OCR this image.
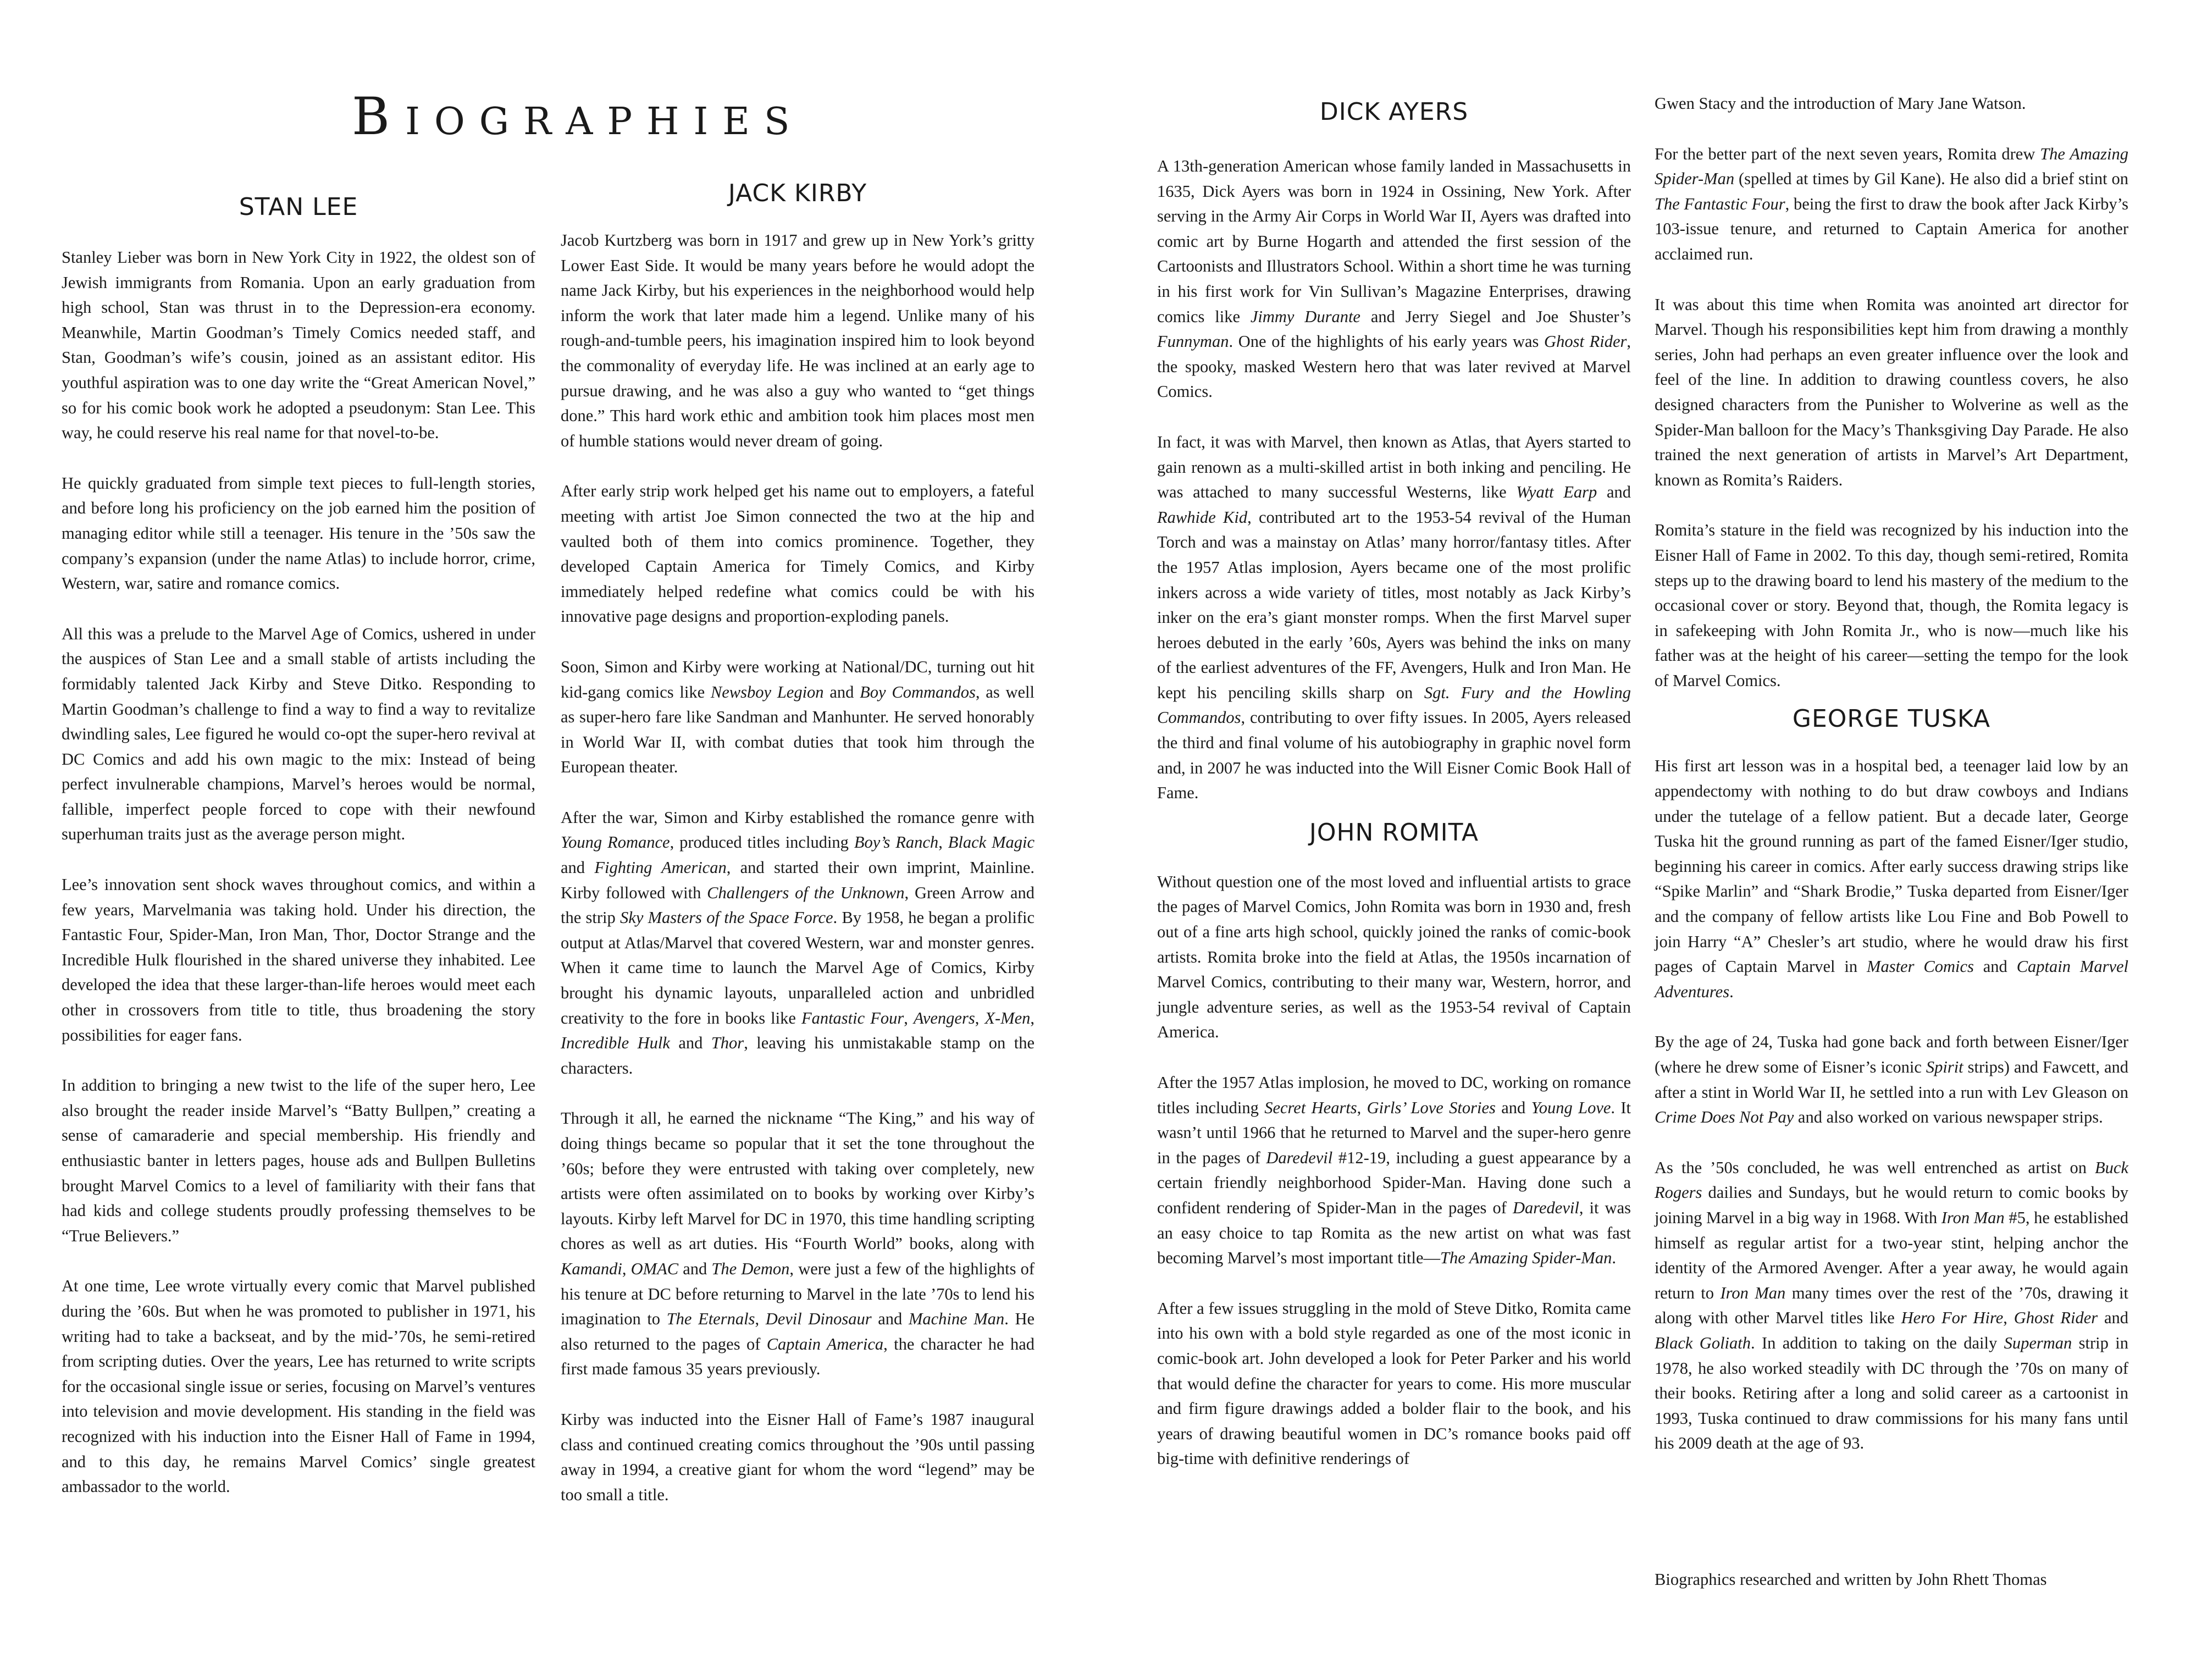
BIOGRAPHIES
STAN LEE

Stanley Lieber was born in New York City in 1922, the oldest son of Jewish immigrants from Romania. Upon an early graduation from high school, Stan was thrust in to the Depression-era economy. Meanwhile, Martin Goodman’s Timely Comics needed staff, and Stan, Goodman’s wife’s cousin, joined as an assistant editor. His youthful aspiration was to one day write the “Great American Novel,” so for his comic book work he adopted a pseudonym: Stan Lee. This way, he could reserve his real name for that novel-to-be.

He quickly graduated from simple text pieces to full-length stories, and before long his proficiency on the job earned him the position of managing editor while still a teenager. His tenure in the ’50s saw the company’s expansion (under the name Atlas) to include horror, crime, Western, war, satire and romance comics.

All this was a prelude to the Marvel Age of Comics, ushered in under the auspices of Stan Lee and a small stable of artists including the formidably talented Jack Kirby and Steve Ditko. Responding to Martin Goodman’s challenge to find a way to find a way to revitalize dwindling sales, Lee figured he would co-opt the super-hero revival at DC Comics and add his own magic to the mix: Instead of being perfect invulnerable champions, Marvel’s heroes would be normal, fallible, imperfect people forced to cope with their newfound superhuman traits just as the average person might.

Lee’s innovation sent shock waves throughout comics, and within a few years, Marvelmania was taking hold. Under his direction, the Fantastic Four, Spider-Man, Iron Man, Thor, Doctor Strange and the Incredible Hulk flourished in the shared universe they inhabited. Lee developed the idea that these larger-than-life heroes would meet each other in crossovers from title to title, thus broadening the story possibilities for eager fans.

In addition to bringing a new twist to the life of the super hero, Lee also brought the reader inside Marvel’s “Batty Bullpen,” creating a sense of camaraderie and special membership. His friendly and enthusiastic banter in letters pages, house ads and Bullpen Bulletins brought Marvel Comics to a level of familiarity with their fans that had kids and college students proudly professing themselves to be “True Believers.”

At one time, Lee wrote virtually every comic that Marvel published during the ’60s. But when he was promoted to publisher in 1971, his writing had to take a backseat, and by the mid-’70s, he semi-retired from scripting duties. Over the years, Lee has returned to write scripts for the occasional single issue or series, focusing on Marvel’s ventures into television and movie development. His standing in the field was recognized with his induction into the Eisner Hall of Fame in 1994, and to this day, he remains Marvel Comics’ single greatest ambassador to the world.

JACK KIRBY

Jacob Kurtzberg was born in 1917 and grew up in New York’s gritty Lower East Side. It would be many years before he would adopt the name Jack Kirby, but his experiences in the neighborhood would help inform the work that later made him a legend. Unlike many of his rough-and-tumble peers, his imagination inspired him to look beyond the commonality of everyday life. He was inclined at an early age to pursue drawing, and he was also a guy who wanted to “get things done.” This hard work ethic and ambition took him places most men of humble stations would never dream of going.

After early strip work helped get his name out to employers, a fateful meeting with artist Joe Simon connected the two at the hip and vaulted both of them into comics prominence. Together, they developed Captain America for Timely Comics, and Kirby immediately helped redefine what comics could be with his innovative page designs and proportion-exploding panels.

Soon, Simon and Kirby were working at National/DC, turning out hit kid-gang comics like Newsboy Legion and Boy Commandos, as well as super-hero fare like Sandman and Manhunter. He served honorably in World War II, with combat duties that took him through the European theater.

After the war, Simon and Kirby established the romance genre with Young Romance, produced titles including Boy’s Ranch, Black Magic and Fighting American, and started their own imprint, Mainline. Kirby followed with Challengers of the Unknown, Green Arrow and the strip Sky Masters of the Space Force. By 1958, he began a prolific output at Atlas/Marvel that covered Western, war and monster genres. When it came time to launch the Marvel Age of Comics, Kirby brought his dynamic layouts, unparalleled action and unbridled creativity to the fore in books like Fantastic Four, Avengers, X-Men, Incredible Hulk and Thor, leaving his unmistakable stamp on the characters.

Through it all, he earned the nickname “The King,” and his way of doing things became so popular that it set the tone throughout the ’60s; before they were entrusted with taking over completely, new artists were often assimilated on to books by working over Kirby’s layouts. Kirby left Marvel for DC in 1970, this time handling scripting chores as well as art duties. His “Fourth World” books, along with Kamandi, OMAC and The Demon, were just a few of the highlights of his tenure at DC before returning to Marvel in the late ’70s to lend his imagination to The Eternals, Devil Dinosaur and Machine Man. He also returned to the pages of Captain America, the character he had first made famous 35 years previously.

Kirby was inducted into the Eisner Hall of Fame’s 1987 inaugural class and continued creating comics throughout the ’90s until passing away in 1994, a creative giant for whom the word “legend” may be too small a title.

DICK AYERS

A 13th-generation American whose family landed in Massachusetts in 1635, Dick Ayers was born in 1924 in Ossining, New York. After serving in the Army Air Corps in World War II, Ayers was drafted into comic art by Burne Hogarth and attended the first session of the Cartoonists and Illustrators School. Within a short time he was turning in his first work for Vin Sullivan’s Magazine Enterprises, drawing comics like Jimmy Durante and Jerry Siegel and Joe Shuster’s Funnyman. One of the highlights of his early years was Ghost Rider, the spooky, masked Western hero that was later revived at Marvel Comics.

In fact, it was with Marvel, then known as Atlas, that Ayers started to gain renown as a multi-skilled artist in both inking and penciling. He was attached to many successful Westerns, like Wyatt Earp and Rawhide Kid, contributed art to the 1953-54 revival of the Human Torch and was a mainstay on Atlas’ many horror/fantasy titles. After the 1957 Atlas implosion, Ayers became one of the most prolific inkers across a wide variety of titles, most notably as Jack Kirby’s inker on the era’s giant monster romps. When the first Marvel super heroes debuted in the early ’60s, Ayers was behind the inks on many of the earliest adventures of the FF, Avengers, Hulk and Iron Man. He kept his penciling skills sharp on Sgt. Fury and the Howling Commandos, contributing to over fifty issues. In 2005, Ayers released the third and final volume of his autobiography in graphic novel form and, in 2007 he was inducted into the Will Eisner Comic Book Hall of Fame.

JOHN ROMITA

Without question one of the most loved and influential artists to grace the pages of Marvel Comics, John Romita was born in 1930 and, fresh out of a fine arts high school, quickly joined the ranks of comic-book artists. Romita broke into the field at Atlas, the 1950s incarnation of Marvel Comics, contributing to their many war, Western, horror, and jungle adventure series, as well as the 1953-54 revival of Captain America.

After the 1957 Atlas implosion, he moved to DC, working on romance titles including Secret Hearts, Girls’ Love Stories and Young Love. It wasn’t until 1966 that he returned to Marvel and the super-hero genre in the pages of Daredevil #12-19, including a guest appearance by a certain friendly neighborhood Spider-Man. Having done such a confident rendering of Spider-Man in the pages of Daredevil, it was an easy choice to tap Romita as the new artist on what was fast becoming Marvel’s most important title—The Amazing Spider-Man.

After a few issues struggling in the mold of Steve Ditko, Romita came into his own with a bold style regarded as one of the most iconic in comic-book art. John developed a look for Peter Parker and his world that would define the character for years to come. His more muscular and firm figure drawings added a bolder flair to the book, and his years of drawing beautiful women in DC’s romance books paid off big-time with definitive renderings of

Gwen Stacy and the introduction of Mary Jane Watson.

For the better part of the next seven years, Romita drew The Amazing Spider-Man (spelled at times by Gil Kane). He also did a brief stint on The Fantastic Four, being the first to draw the book after Jack Kirby’s 103-issue tenure, and returned to Captain America for another acclaimed run.

It was about this time when Romita was anointed art director for Marvel. Though his responsibilities kept him from drawing a monthly series, John had perhaps an even greater influence over the look and feel of the line. In addition to drawing countless covers, he also designed characters from the Punisher to Wolverine as well as the Spider-Man balloon for the Macy’s Thanksgiving Day Parade. He also trained the next generation of artists in Marvel’s Art Department, known as Romita’s Raiders.

Romita’s stature in the field was recognized by his induction into the Eisner Hall of Fame in 2002. To this day, though semi-retired, Romita steps up to the drawing board to lend his mastery of the medium to the occasional cover or story. Beyond that, though, the Romita legacy is in safekeeping with John Romita Jr., who is now—much like his father was at the height of his career—setting the tempo for the look of Marvel Comics.

GEORGE TUSKA

His first art lesson was in a hospital bed, a teenager laid low by an appendectomy with nothing to do but draw cowboys and Indians under the tutelage of a fellow patient. But a decade later, George Tuska hit the ground running as part of the famed Eisner/Iger studio, beginning his career in comics. After early success drawing strips like “Spike Marlin” and “Shark Brodie,” Tuska departed from Eisner/Iger and the company of fellow artists like Lou Fine and Bob Powell to join Harry “A” Chesler’s art studio, where he would draw his first pages of Captain Marvel in Master Comics and Captain Marvel Adventures.

By the age of 24, Tuska had gone back and forth between Eisner/Iger (where he drew some of Eisner’s iconic Spirit strips) and Fawcett, and after a stint in World War II, he settled into a run with Lev Gleason on Crime Does Not Pay and also worked on various newspaper strips.

As the ’50s concluded, he was well entrenched as artist on Buck Rogers dailies and Sundays, but he would return to comic books by joining Marvel in a big way in 1968. With Iron Man #5, he established himself as regular artist for a two-year stint, helping anchor the identity of the Armored Avenger. After a year away, he would again return to Iron Man many times over the rest of the ’70s, drawing it along with other Marvel titles like Hero For Hire, Ghost Rider and Black Goliath. In addition to taking on the daily Superman strip in 1978, he also worked steadily with DC through the ’70s on many of their books. Retiring after a long and solid career as a cartoonist in 1993, Tuska continued to draw commissions for his many fans until his 2009 death at the age of 93.

Biographics researched and written by John Rhett Thomas
